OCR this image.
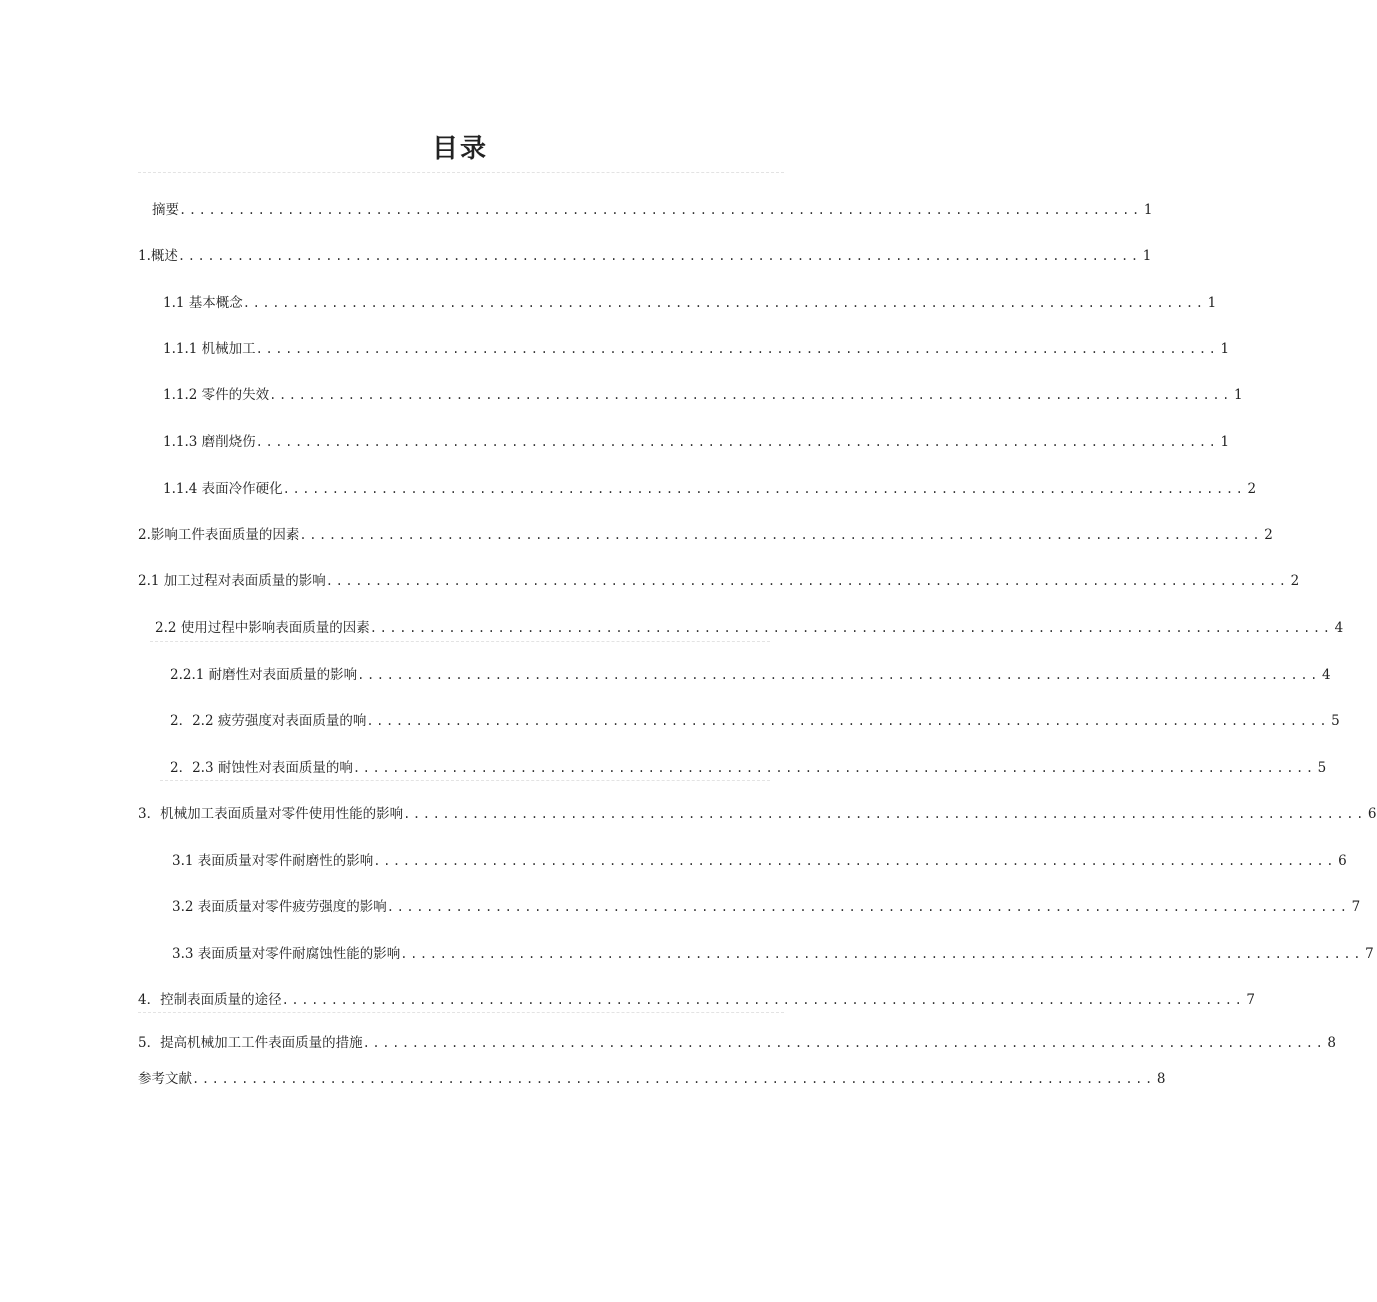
目录
摘要 .................................................................................................. 1
1.概述 .................................................................................................. 1
1.1 基本概念 .................................................................................................. 1
1.1.1 机械加工 .................................................................................................. 1
1.1.2 零件的失效 .................................................................................................. 1
1.1.3 磨削烧伤 .................................................................................................. 1
1.1.4 表面冷作硬化 .................................................................................................. 2
2.影响工件表面质量的因素 .................................................................................................. 2
2.1 加工过程对表面质量的影响 .................................................................................................. 2
2.2 使用过程中影响表面质量的因素 .................................................................................................. 4
2.2.1 耐磨性对表面质量的影响 .................................................................................................. 4
2．2.2 疲劳强度对表面质量的响 .................................................................................................. 5
2．2.3 耐蚀性对表面质量的响 .................................................................................................. 5
3．机械加工表面质量对零件使用性能的影响 .................................................................................................. 6
3.1 表面质量对零件耐磨性的影响 .................................................................................................. 6
3.2 表面质量对零件疲劳强度的影响 .................................................................................................. 7
3.3 表面质量对零件耐腐蚀性能的影响 .................................................................................................. 7
4．控制表面质量的途径 .................................................................................................. 7
5．提高机械加工工件表面质量的措施 .................................................................................................. 8
参考文献 .................................................................................................. 8
